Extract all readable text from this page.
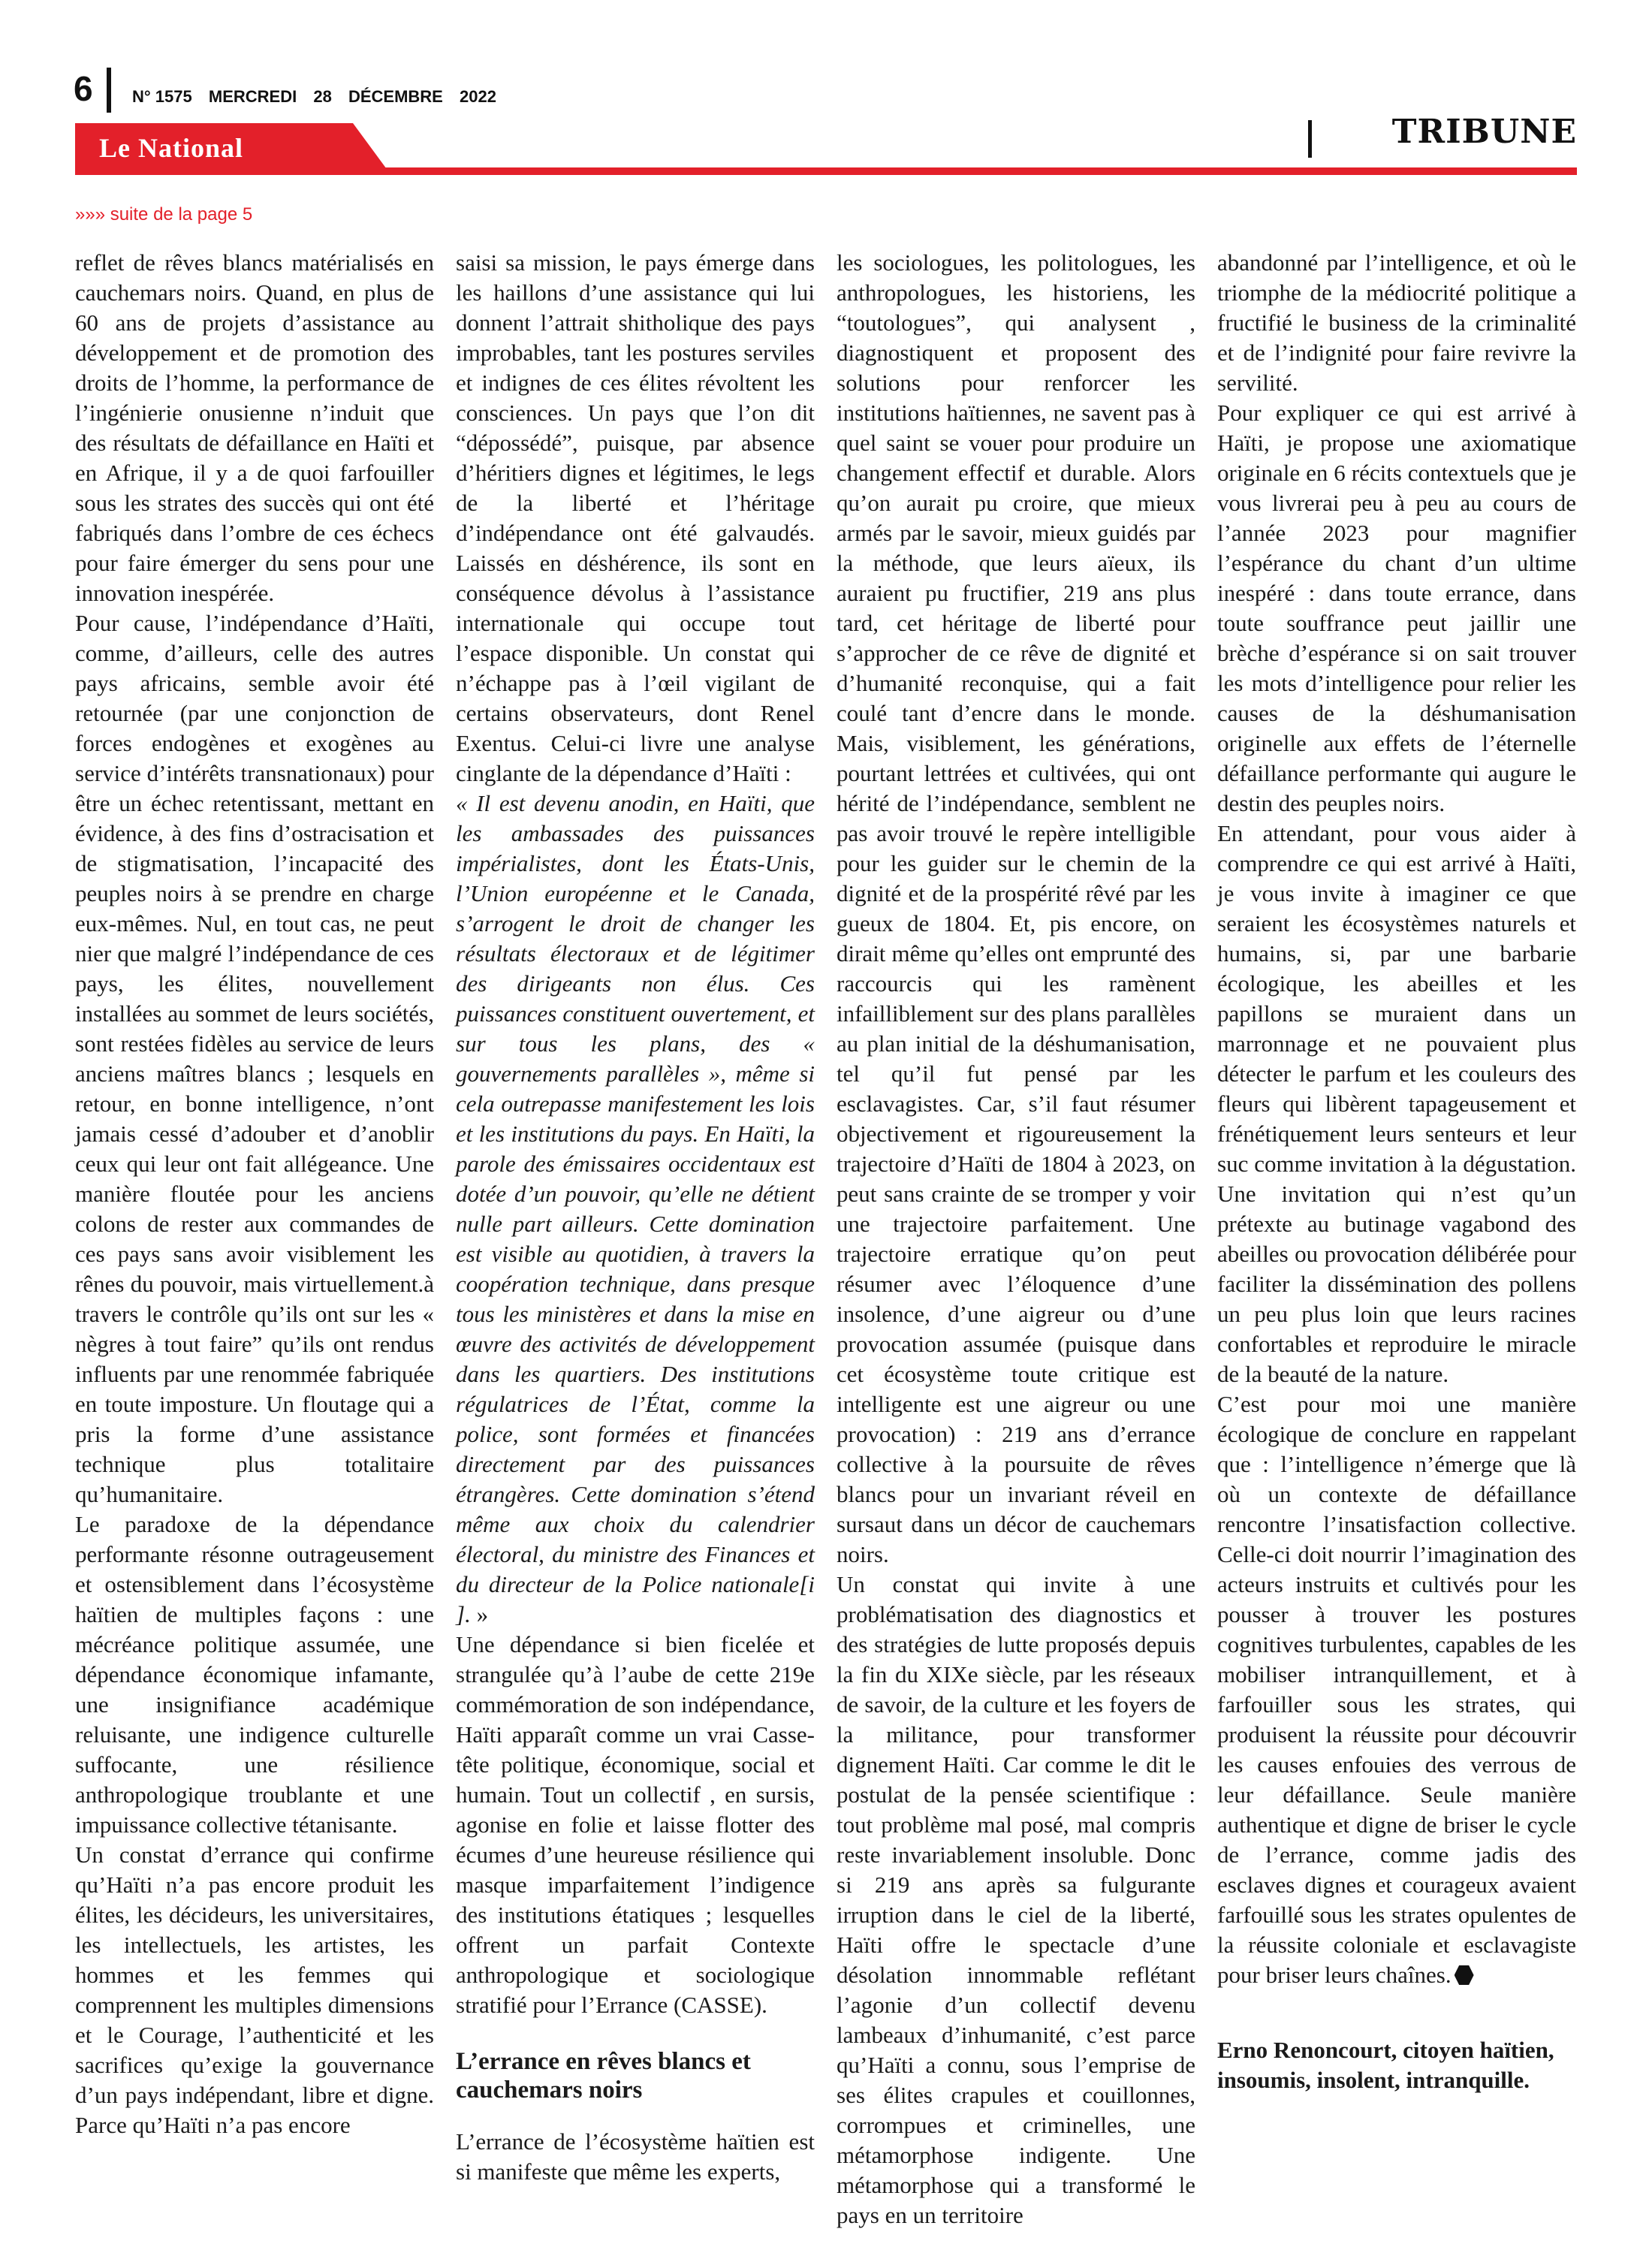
6 N° 1575 MERCREDI 28 DÉCEMBRE 2022
Le National	TRIBUNE
»»» suite de la page 5

reflet de rêves blancs matérialisés en cauchemars noirs. Quand, en plus de 60 ans de projets d’assistance au développement et de promotion des droits de l’homme, la performance de l’ingénierie onusienne n’induit que des résultats de défaillance en Haïti et en Afrique, il y a de quoi farfouiller sous les strates des succès qui ont été fabriqués dans l’ombre de ces échecs pour faire émerger du sens pour une innovation inespérée.

Pour cause, l’indépendance d’Haïti, comme, d’ailleurs, celle des autres pays africains, semble avoir été retournée (par une conjonction de forces endogènes et exogènes au service d’intérêts transnationaux) pour être un échec retentissant, mettant en évidence, à des fins d’ostracisation et de stigmatisation, l’incapacité des peuples noirs à se prendre en charge eux-mêmes. Nul, en tout cas, ne peut nier que malgré l’indépendance de ces pays, les élites, nouvellement installées au sommet de leurs sociétés, sont restées fidèles au service de leurs anciens maîtres blancs ; lesquels en retour, en bonne intelligence, n’ont jamais cessé d’adouber et d’anoblir ceux qui leur ont fait allégeance. Une manière floutée pour les anciens colons de rester aux commandes de ces pays sans avoir visiblement les rênes du pouvoir, mais virtuellement.à travers le contrôle qu’ils ont sur les « nègres à tout faire” qu’ils ont rendus influents par une renommée fabriquée en toute imposture. Un floutage qui a pris la forme d’une assistance technique plus totalitaire qu’humanitaire.

Le paradoxe de la dépendance performante résonne outrageusement et ostensiblement dans l’écosystème haïtien de multiples façons : une mécréance politique assumée, une dépendance économique infamante, une insignifiance académique reluisante, une indigence culturelle suffocante, une résilience anthropologique troublante et une impuissance collective tétanisante.

Un constat d’errance qui confirme qu’Haïti n’a pas encore produit les élites, les décideurs, les universitaires, les intellectuels, les artistes, les hommes et les femmes qui comprennent les multiples dimensions et le Courage, l’authenticité et les sacrifices qu’exige la gouvernance d’un pays indépendant, libre et digne. Parce qu’Haïti n’a pas encore

saisi sa mission, le pays émerge dans les haillons d’une assistance qui lui donnent l’attrait shitholique des pays improbables, tant les postures serviles et indignes de ces élites révoltent les consciences. Un pays que l’on dit “dépossédé”, puisque, par absence d’héritiers dignes et légitimes, le legs de la liberté et l’héritage d’indépendance ont été galvaudés. Laissés en déshérence, ils sont en conséquence dévolus à l’assistance internationale qui occupe tout l’espace disponible. Un constat qui n’échappe pas à l’œil vigilant de certains observateurs, dont Renel Exentus. Celui-ci livre une analyse cinglante de la dépendance d’Haïti :

« Il est devenu anodin, en Haïti, que les ambassades des puissances impérialistes, dont les États-Unis, l’Union européenne et le Canada, s’arrogent le droit de changer les résultats électoraux et de légitimer des dirigeants non élus. Ces puissances constituent ouvertement, et sur tous les plans, des « gouvernements parallèles », même si cela outrepasse manifestement les lois et les institutions du pays. En Haïti, la parole des émissaires occidentaux est dotée d’un pouvoir, qu’elle ne détient nulle part ailleurs. Cette domination est visible au quotidien, à travers la coopération technique, dans presque tous les ministères et dans la mise en œuvre des activités de développement dans les quartiers. Des institutions régulatrices de l’État, comme la police, sont formées et financées directement par des puissances étrangères. Cette domination s’étend même aux choix du calendrier électoral, du ministre des Finances et du directeur de la Police nationale[i ]. »

Une dépendance si bien ficelée et strangulée qu’à l’aube de cette 219e commémoration de son indépendance, Haïti apparaît comme un vrai Casse-tête politique, économique, social et humain. Tout un collectif , en sursis, agonise en folie et laisse flotter des écumes d’une heureuse résilience qui masque imparfaitement l’indigence des institutions étatiques ; lesquelles offrent un parfait Contexte anthropologique et sociologique stratifié pour l’Errance (CASSE).

L’errance en rêves blancs et cauchemars noirs

L’errance de l’écosystème haïtien est si manifeste que même les experts,

les sociologues, les politologues, les anthropologues, les historiens, les “toutologues”, qui analysent , diagnostiquent et proposent des solutions pour renforcer les institutions haïtiennes, ne savent pas à quel saint se vouer pour produire un changement effectif et durable. Alors qu’on aurait pu croire, que mieux armés par le savoir, mieux guidés par la méthode, que leurs aïeux, ils auraient pu fructifier, 219 ans plus tard, cet héritage de liberté pour s’approcher de ce rêve de dignité et d’humanité reconquise, qui a fait coulé tant d’encre dans le monde. Mais, visiblement, les générations, pourtant lettrées et cultivées, qui ont hérité de l’indépendance, semblent ne pas avoir trouvé le repère intelligible pour les guider sur le chemin de la dignité et de la prospérité rêvé par les gueux de 1804. Et, pis encore, on dirait même qu’elles ont emprunté des raccourcis qui les ramènent infailliblement sur des plans parallèles au plan initial de la déshumanisation, tel qu’il fut pensé par les esclavagistes. Car, s’il faut résumer objectivement et rigoureusement la trajectoire d’Haïti de 1804 à 2023, on peut sans crainte de se tromper y voir une trajectoire parfaitement. Une trajectoire erratique qu’on peut résumer avec l’éloquence d’une insolence, d’une aigreur ou d’une provocation assumée (puisque dans cet écosystème toute critique est intelligente est une aigreur ou une provocation) : 219 ans d’errance collective à la poursuite de rêves blancs pour un invariant réveil en sursaut dans un décor de cauchemars noirs.

Un constat qui invite à une problématisation des diagnostics et des stratégies de lutte proposés depuis la fin du XIXe siècle, par les réseaux de savoir, de la culture et les foyers de la militance, pour transformer dignement Haïti. Car comme le dit le postulat de la pensée scientifique : tout problème mal posé, mal compris reste invariablement insoluble. Donc si 219 ans après sa fulgurante irruption dans le ciel de la liberté, Haïti offre le spectacle d’une désolation innommable reflétant l’agonie d’un collectif devenu lambeaux d’inhumanité, c’est parce qu’Haïti a connu, sous l’emprise de ses élites crapules et couillonnes, corrompues et criminelles, une métamorphose indigente. Une métamorphose qui a transformé le pays en un territoire

abandonné par l’intelligence, et où le triomphe de la médiocrité politique a fructifié le business de la criminalité et de l’indignité pour faire revivre la servilité.

Pour expliquer ce qui est arrivé à Haïti, je propose une axiomatique originale en 6 récits contextuels que je vous livrerai peu à peu au cours de l’année 2023 pour magnifier l’espérance du chant d’un ultime inespéré : dans toute errance, dans toute souffrance peut jaillir une brèche d’espérance si on sait trouver les mots d’intelligence pour relier les causes de la déshumanisation originelle aux effets de l’éternelle défaillance performante qui augure le destin des peuples noirs.

En attendant, pour vous aider à comprendre ce qui est arrivé à Haïti, je vous invite à imaginer ce que seraient les écosystèmes naturels et humains, si, par une barbarie écologique, les abeilles et les papillons se muraient dans un marronnage et ne pouvaient plus détecter le parfum et les couleurs des fleurs qui libèrent tapageusement et frénétiquement leurs senteurs et leur suc comme invitation à la dégustation. Une invitation qui n’est qu’un prétexte au butinage vagabond des abeilles ou provocation délibérée pour faciliter la dissémination des pollens un peu plus loin que leurs racines confortables et reproduire le miracle de la beauté de la nature.

C’est pour moi une manière écologique de conclure en rappelant que : l’intelligence n’émerge que là où un contexte de défaillance rencontre l’insatisfaction collective. Celle-ci doit nourrir l’imagination des acteurs instruits et cultivés pour les pousser à trouver les postures cognitives turbulentes, capables de les mobiliser intranquillement, et à farfouiller sous les strates, qui produisent la réussite pour découvrir les causes enfouies des verrous de leur défaillance. Seule manière authentique et digne de briser le cycle de l’errance, comme jadis des esclaves dignes et courageux avaient farfouillé sous les strates opulentes de la réussite coloniale et esclavagiste pour briser leurs chaînes.

Erno Renoncourt, citoyen haïtien, insoumis, insolent, intranquille.
